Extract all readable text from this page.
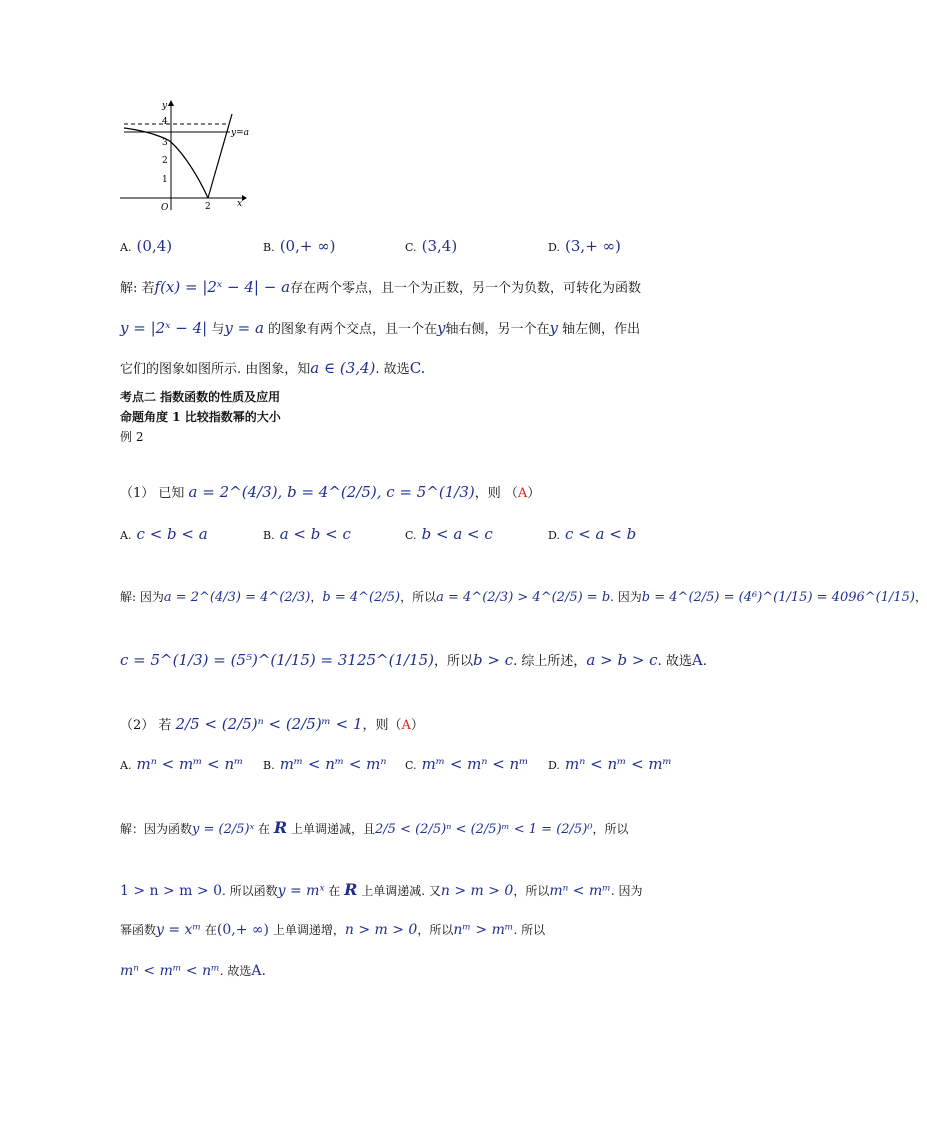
y
x
O
4
3
2
1
2
y=a
A. (0,4)	B. (0,+ ∞)	C. (3,4)	D. (3,+ ∞)
解: 若f(x) = |2ˣ − 4| − a存在两个零点，且一个为正数，另一个为负数，可转化为函数
y = |2ˣ − 4| 与y = a 的图象有两个交点，且一个在y轴右侧，另一个在y 轴左侧，作出
它们的图象如图所示. 由图象，知a ∈ (3,4). 故选C.
考点二 指数函数的性质及应用
命题角度 1 比较指数幂的大小
例 2
（1） 已知 a = 2^(4/3), b = 4^(2/5), c = 5^(1/3)，则 （A）
A. c < b < a	B. a < b < c	C. b < a < c	D. c < a < b
解: 因为a = 2^(4/3) = 4^(2/3)，b = 4^(2/5)，所以a = 4^(2/3) > 4^(2/5) = b. 因为b = 4^(2/5) = (4⁶)^(1/15) = 4096^(1/15)，
c = 5^(1/3) = (5⁵)^(1/15) = 3125^(1/15)，所以b > c. 综上所述，a > b > c. 故选A.
（2） 若 2/5 < (2/5)ⁿ < (2/5)ᵐ < 1，则（A）
A. mⁿ < mᵐ < nᵐ B. mᵐ < nᵐ < mⁿ C. mᵐ < mⁿ < nᵐ D. mⁿ < nᵐ < mᵐ
解：因为函数y = (2/5)ˣ 在 R 上单调递减，且2/5 < (2/5)ⁿ < (2/5)ᵐ < 1 = (2/5)⁰，所以
1 > n > m > 0. 所以函数y = mˣ 在 R 上单调递减. 又n > m > 0，所以mⁿ < mᵐ. 因为
幂函数y = xᵐ 在(0,+ ∞) 上单调递增，n > m > 0，所以nᵐ > mᵐ. 所以
mⁿ < mᵐ < nᵐ. 故选A.
